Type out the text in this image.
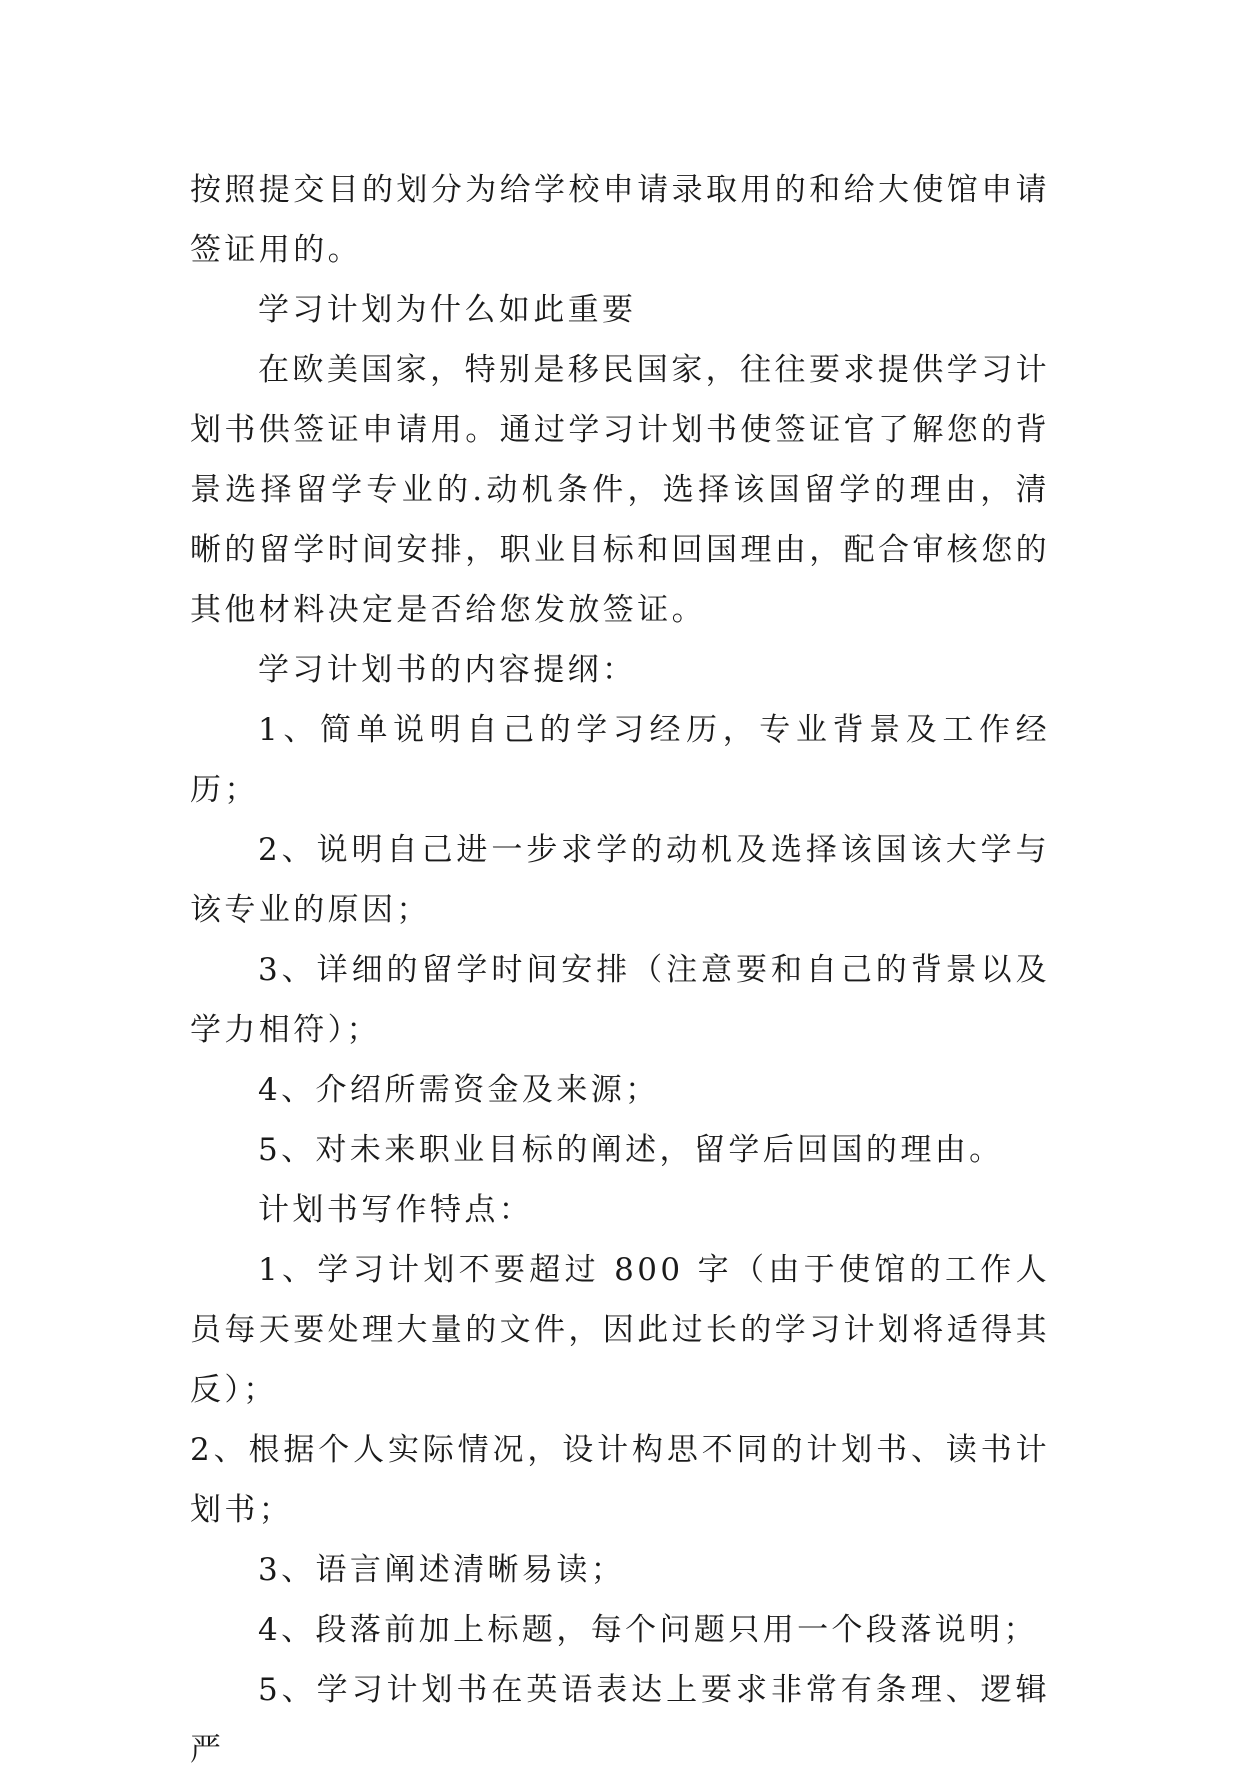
按照提交目的划分为给学校申请录取用的和给大使馆申请签证用的。

学习计划为什么如此重要

在欧美国家，特别是移民国家，往往要求提供学习计划书供签证申请用。通过学习计划书使签证官了解您的背景选择留学专业的.动机条件，选择该国留学的理由，清晰的留学时间安排，职业目标和回国理由，配合审核您的其他材料决定是否给您发放签证。

学习计划书的内容提纲：

1、简单说明自己的学习经历，专业背景及工作经历；

2、说明自己进一步求学的动机及选择该国该大学与该专业的原因；

3、详细的留学时间安排（注意要和自己的背景以及学力相符）；

4、介绍所需资金及来源；

5、对未来职业目标的阐述，留学后回国的理由。

计划书写作特点：

1、学习计划不要超过 800 字（由于使馆的工作人员每天要处理大量的文件，因此过长的学习计划将适得其反）；

2、根据个人实际情况，设计构思不同的计划书、读书计划书；

3、语言阐述清晰易读；

4、段落前加上标题，每个问题只用一个段落说明；

5、学习计划书在英语表达上要求非常有条理、逻辑严
